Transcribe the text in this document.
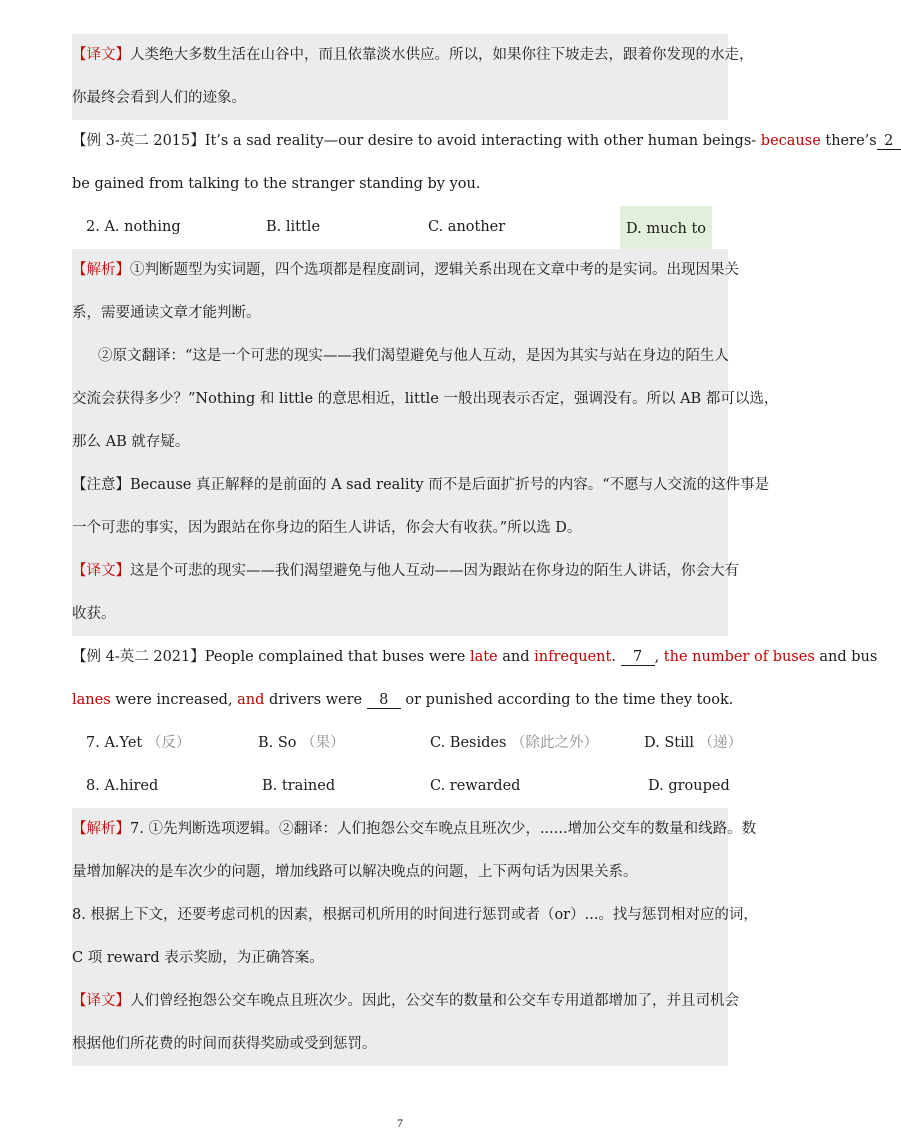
【译文】人类绝大多数生活在山谷中，而且依靠淡水供应。所以，如果你往下坡走去，跟着你发现的水走，
你最终会看到人们的迹象。
【例 3-英二 2015】It’s a sad reality—our desire to avoid interacting with other human beings- because there’s 2
be gained from talking to the stranger standing by you.
2. A. nothing	B. little	C. another	D. much to
【解析】①判断题型为实词题，四个选项都是程度副词，逻辑关系出现在文章中考的是实词。出现因果关
系，需要通读文章才能判断。
②原文翻译：“这是一个可悲的现实——我们渴望避免与他人互动，是因为其实与站在身边的陌生人
交流会获得多少？”Nothing 和 little 的意思相近，little 一般出现表示否定，强调没有。所以 AB 都可以选，
那么 AB 就存疑。
【注意】Because 真正解释的是前面的 A sad reality 而不是后面扩折号的内容。“不愿与人交流的这件事是
一个可悲的事实，因为跟站在你身边的陌生人讲话，你会大有收获。”所以选 D。
【译文】这是个可悲的现实——我们渴望避免与他人互动——因为跟站在你身边的陌生人讲话，你会大有
收获。
【例 4-英二 2021】People complained that buses were late and infrequent. 7 , the number of buses and bus
lanes were increased, and drivers were 8 or punished according to the time they took.
7. A.Yet （反）	B. So （果）	C. Besides （除此之外）	D. Still （递）
8. A.hired	B. trained	C. rewarded	D. grouped
【解析】7. ①先判断选项逻辑。②翻译：人们抱怨公交车晚点且班次少，......增加公交车的数量和线路。数
量增加解决的是车次少的问题，增加线路可以解决晚点的问题，上下两句话为因果关系。
8. 根据上下文，还要考虑司机的因素，根据司机所用的时间进行惩罚或者（or）...。找与惩罚相对应的词，
C 项 reward 表示奖励，为正确答案。
【译文】人们曾经抱怨公交车晚点且班次少。因此，公交车的数量和公交车专用道都增加了，并且司机会
根据他们所花费的时间而获得奖励或受到惩罚。
7
